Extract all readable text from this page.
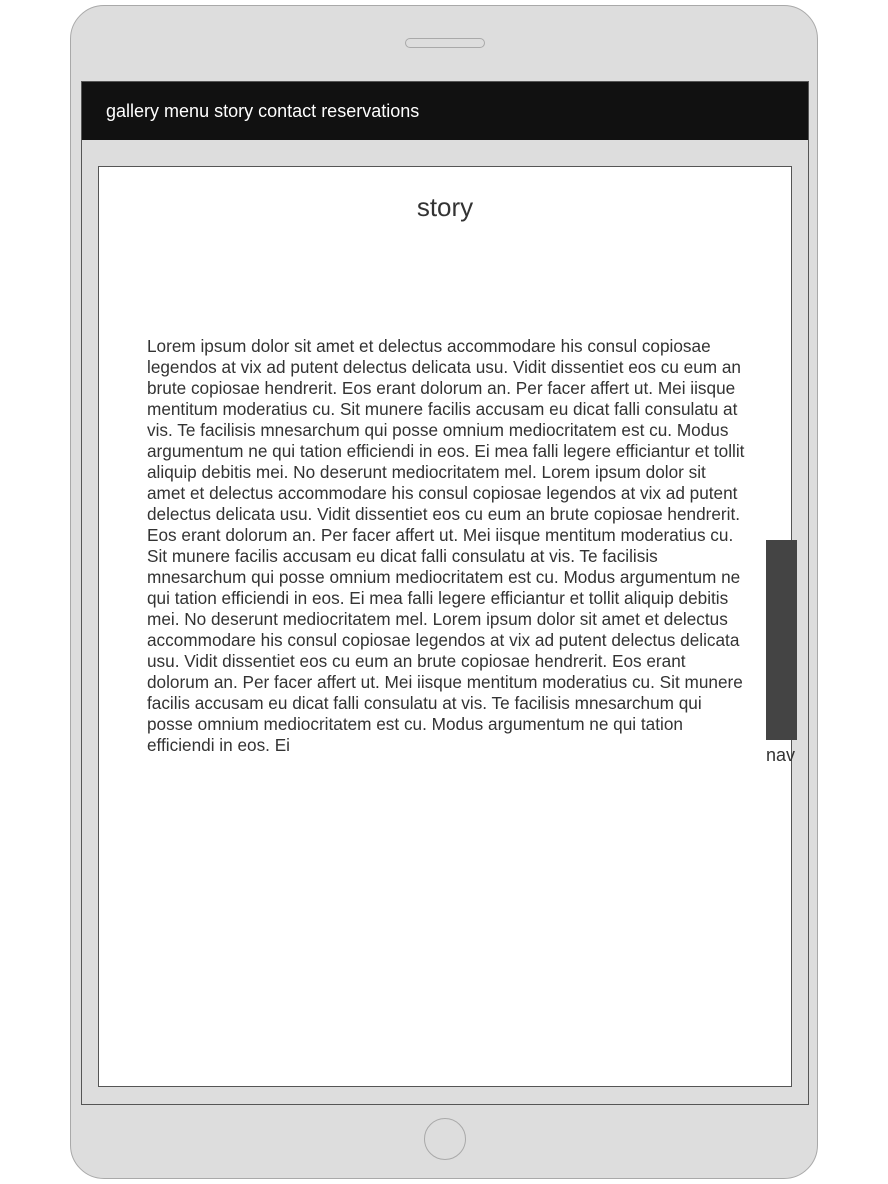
gallery menu story contact reservations
story

Lorem ipsum dolor sit amet et delectus accommodare his consul copiosae legendos at vix ad putent delectus delicata usu. Vidit dissentiet eos cu eum an brute copiosae hendrerit. Eos erant dolorum an. Per facer affert ut. Mei iisque mentitum moderatius cu. Sit munere facilis accusam eu dicat falli consulatu at vis. Te facilisis mnesarchum qui posse omnium mediocritatem est cu. Modus argumentum ne qui tation efficiendi in eos. Ei mea falli legere efficiantur et tollit aliquip debitis mei. No deserunt mediocritatem mel. Lorem ipsum dolor sit amet et delectus accommodare his consul copiosae legendos at vix ad putent delectus delicata usu. Vidit dissentiet eos cu eum an brute copiosae hendrerit. Eos erant dolorum an. Per facer affert ut. Mei iisque mentitum moderatius cu. Sit munere facilis accusam eu dicat falli consulatu at vis. Te facilisis mnesarchum qui posse omnium mediocritatem est cu. Modus argumentum ne qui tation efficiendi in eos. Ei mea falli legere efficiantur et tollit aliquip debitis mei. No deserunt mediocritatem mel. Lorem ipsum dolor sit amet et delectus accommodare his consul copiosae legendos at vix ad putent delectus delicata usu. Vidit dissentiet eos cu eum an brute copiosae hendrerit. Eos erant dolorum an. Per facer affert ut. Mei iisque mentitum moderatius cu. Sit munere facilis accusam eu dicat falli consulatu at vis. Te facilisis mnesarchum qui posse omnium mediocritatem est cu. Modus argumentum ne qui tation efficiendi in eos. Ei	nav
